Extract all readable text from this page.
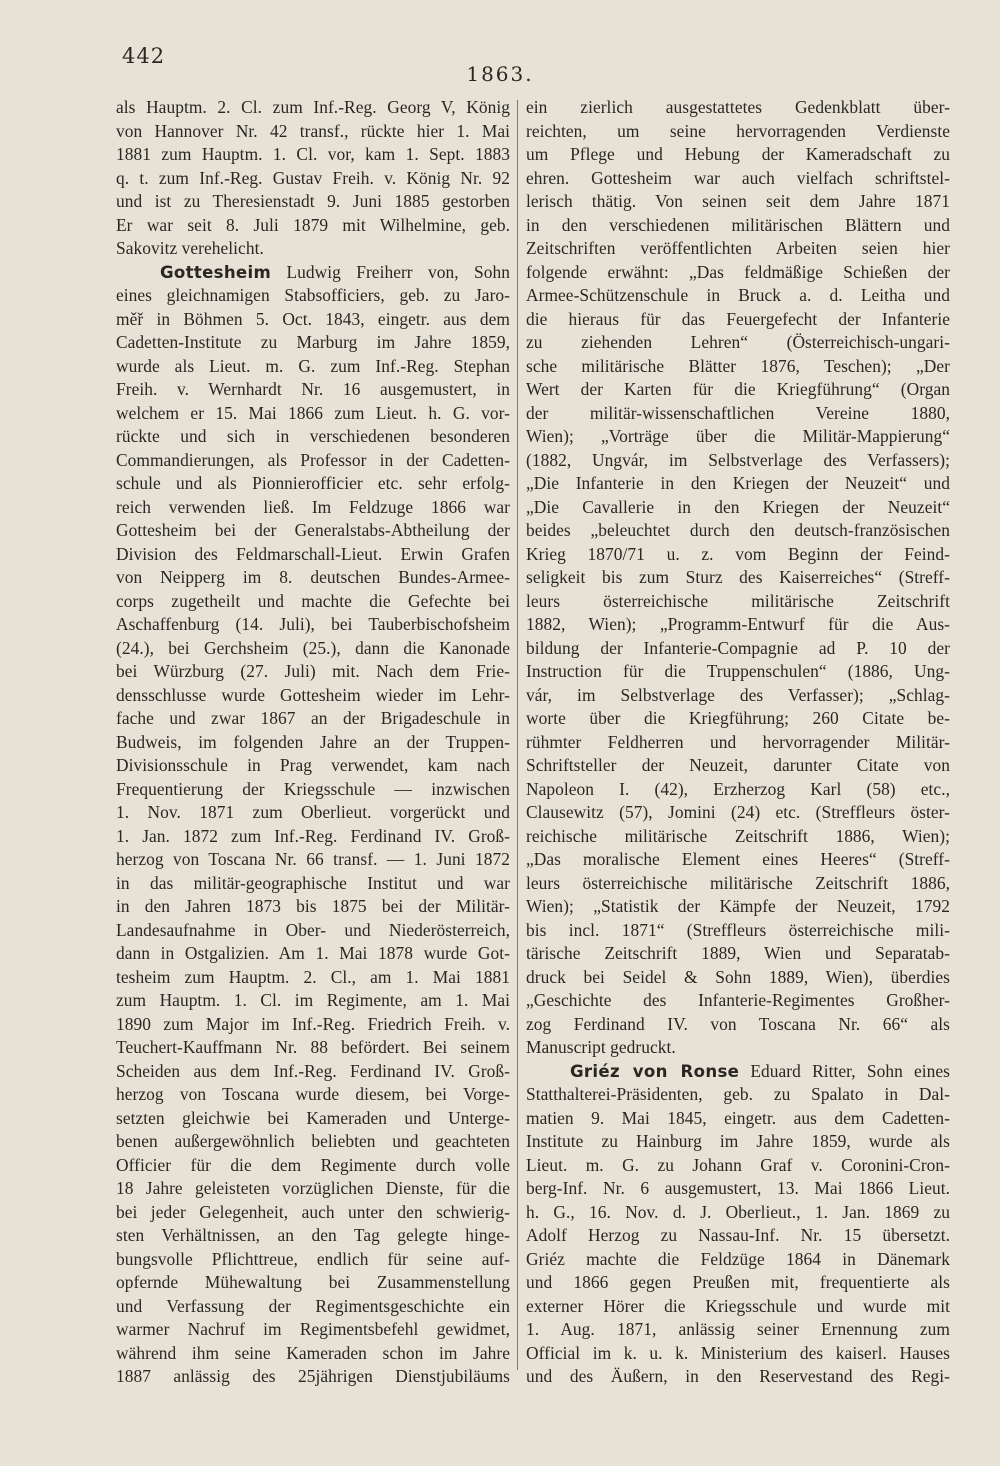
442
1863.
als Hauptm. 2. Cl. zum Inf.-Reg. Georg V, König
von Hannover Nr. 42 transf., rückte hier 1. Mai
1881 zum Hauptm. 1. Cl. vor, kam 1. Sept. 1883
q. t. zum Inf.-Reg. Gustav Freih. v. König Nr. 92
und ist zu Theresienstadt 9. Juni 1885 gestorben
Er war seit 8. Juli 1879 mit Wilhelmine, geb.
Sakovitz verehelicht.
Gottesheim Ludwig Freiherr von, Sohn
eines gleichnamigen Stabsofficiers, geb. zu Jaro-
měř in Böhmen 5. Oct. 1843, eingetr. aus dem
Cadetten-Institute zu Marburg im Jahre 1859,
wurde als Lieut. m. G. zum Inf.-Reg. Stephan
Freih. v. Wernhardt Nr. 16 ausgemustert, in
welchem er 15. Mai 1866 zum Lieut. h. G. vor-
rückte und sich in verschiedenen besonderen
Commandierungen, als Professor in der Cadetten-
schule und als Pionnierofficier etc. sehr erfolg-
reich verwenden ließ. Im Feldzuge 1866 war
Gottesheim bei der Generalstabs-Abtheilung der
Division des Feldmarschall-Lieut. Erwin Grafen
von Neipperg im 8. deutschen Bundes-Armee-
corps zugetheilt und machte die Gefechte bei
Aschaffenburg (14. Juli), bei Tauberbischofsheim
(24.), bei Gerchsheim (25.), dann die Kanonade
bei Würzburg (27. Juli) mit. Nach dem Frie-
densschlusse wurde Gottesheim wieder im Lehr-
fache und zwar 1867 an der Brigadeschule in
Budweis, im folgenden Jahre an der Truppen-
Divisionsschule in Prag verwendet, kam nach
Frequentierung der Kriegsschule — inzwischen
1. Nov. 1871 zum Oberlieut. vorgerückt und
1. Jan. 1872 zum Inf.-Reg. Ferdinand IV. Groß-
herzog von Toscana Nr. 66 transf. — 1. Juni 1872
in das militär-geographische Institut und war
in den Jahren 1873 bis 1875 bei der Militär-
Landesaufnahme in Ober- und Niederösterreich,
dann in Ostgalizien. Am 1. Mai 1878 wurde Got-
tesheim zum Hauptm. 2. Cl., am 1. Mai 1881
zum Hauptm. 1. Cl. im Regimente, am 1. Mai
1890 zum Major im Inf.-Reg. Friedrich Freih. v.
Teuchert-Kauffmann Nr. 88 befördert. Bei seinem
Scheiden aus dem Inf.-Reg. Ferdinand IV. Groß-
herzog von Toscana wurde diesem, bei Vorge-
setzten gleichwie bei Kameraden und Unterge-
benen außergewöhnlich beliebten und geachteten
Officier für die dem Regimente durch volle
18 Jahre geleisteten vorzüglichen Dienste, für die
bei jeder Gelegenheit, auch unter den schwierig-
sten Verhältnissen, an den Tag gelegte hinge-
bungsvolle Pflichttreue, endlich für seine auf-
opfernde Mühewaltung bei Zusammenstellung
und Verfassung der Regimentsgeschichte ein
warmer Nachruf im Regimentsbefehl gewidmet,
während ihm seine Kameraden schon im Jahre
1887 anlässig des 25jährigen Dienstjubiläums
ein zierlich ausgestattetes Gedenkblatt über-
reichten, um seine hervorragenden Verdienste
um Pflege und Hebung der Kameradschaft zu
ehren. Gottesheim war auch vielfach schriftstel-
lerisch thätig. Von seinen seit dem Jahre 1871
in den verschiedenen militärischen Blättern und
Zeitschriften veröffentlichten Arbeiten seien hier
folgende erwähnt: „Das feldmäßige Schießen der
Armee-Schützenschule in Bruck a. d. Leitha und
die hieraus für das Feuergefecht der Infanterie
zu ziehenden Lehren“ (Österreichisch-ungari-
sche militärische Blätter 1876, Teschen); „Der
Wert der Karten für die Kriegführung“ (Organ
der militär-wissenschaftlichen Vereine 1880,
Wien); „Vorträge über die Militär-Mappierung“
(1882, Ungvár, im Selbstverlage des Verfassers);
„Die Infanterie in den Kriegen der Neuzeit“ und
„Die Cavallerie in den Kriegen der Neuzeit“
beides „beleuchtet durch den deutsch-französischen
Krieg 1870/71 u. z. vom Beginn der Feind-
seligkeit bis zum Sturz des Kaiserreiches“ (Streff-
leurs österreichische militärische Zeitschrift
1882, Wien); „Programm-Entwurf für die Aus-
bildung der Infanterie-Compagnie ad P. 10 der
Instruction für die Truppenschulen“ (1886, Ung-
vár, im Selbstverlage des Verfasser); „Schlag-
worte über die Kriegführung; 260 Citate be-
rühmter Feldherren und hervorragender Militär-
Schriftsteller der Neuzeit, darunter Citate von
Napoleon I. (42), Erzherzog Karl (58) etc.,
Clausewitz (57), Jomini (24) etc. (Streffleurs öster-
reichische militärische Zeitschrift 1886, Wien);
„Das moralische Element eines Heeres“ (Streff-
leurs österreichische militärische Zeitschrift 1886,
Wien); „Statistik der Kämpfe der Neuzeit, 1792
bis incl. 1871“ (Streffleurs österreichische mili-
tärische Zeitschrift 1889, Wien und Separatab-
druck bei Seidel & Sohn 1889, Wien), überdies
„Geschichte des Infanterie-Regimentes Großher-
zog Ferdinand IV. von Toscana Nr. 66“ als
Manuscript gedruckt.
Griéz von Ronse Eduard Ritter, Sohn eines
Statthalterei-Präsidenten, geb. zu Spalato in Dal-
matien 9. Mai 1845, eingetr. aus dem Cadetten-
Institute zu Hainburg im Jahre 1859, wurde als
Lieut. m. G. zu Johann Graf v. Coronini-Cron-
berg-Inf. Nr. 6 ausgemustert, 13. Mai 1866 Lieut.
h. G., 16. Nov. d. J. Oberlieut., 1. Jan. 1869 zu
Adolf Herzog zu Nassau-Inf. Nr. 15 übersetzt.
Griéz machte die Feldzüge 1864 in Dänemark
und 1866 gegen Preußen mit, frequentierte als
externer Hörer die Kriegsschule und wurde mit
1. Aug. 1871, anlässig seiner Ernennung zum
Official im k. u. k. Ministerium des kaiserl. Hauses
und des Äußern, in den Reservestand des Regi-
